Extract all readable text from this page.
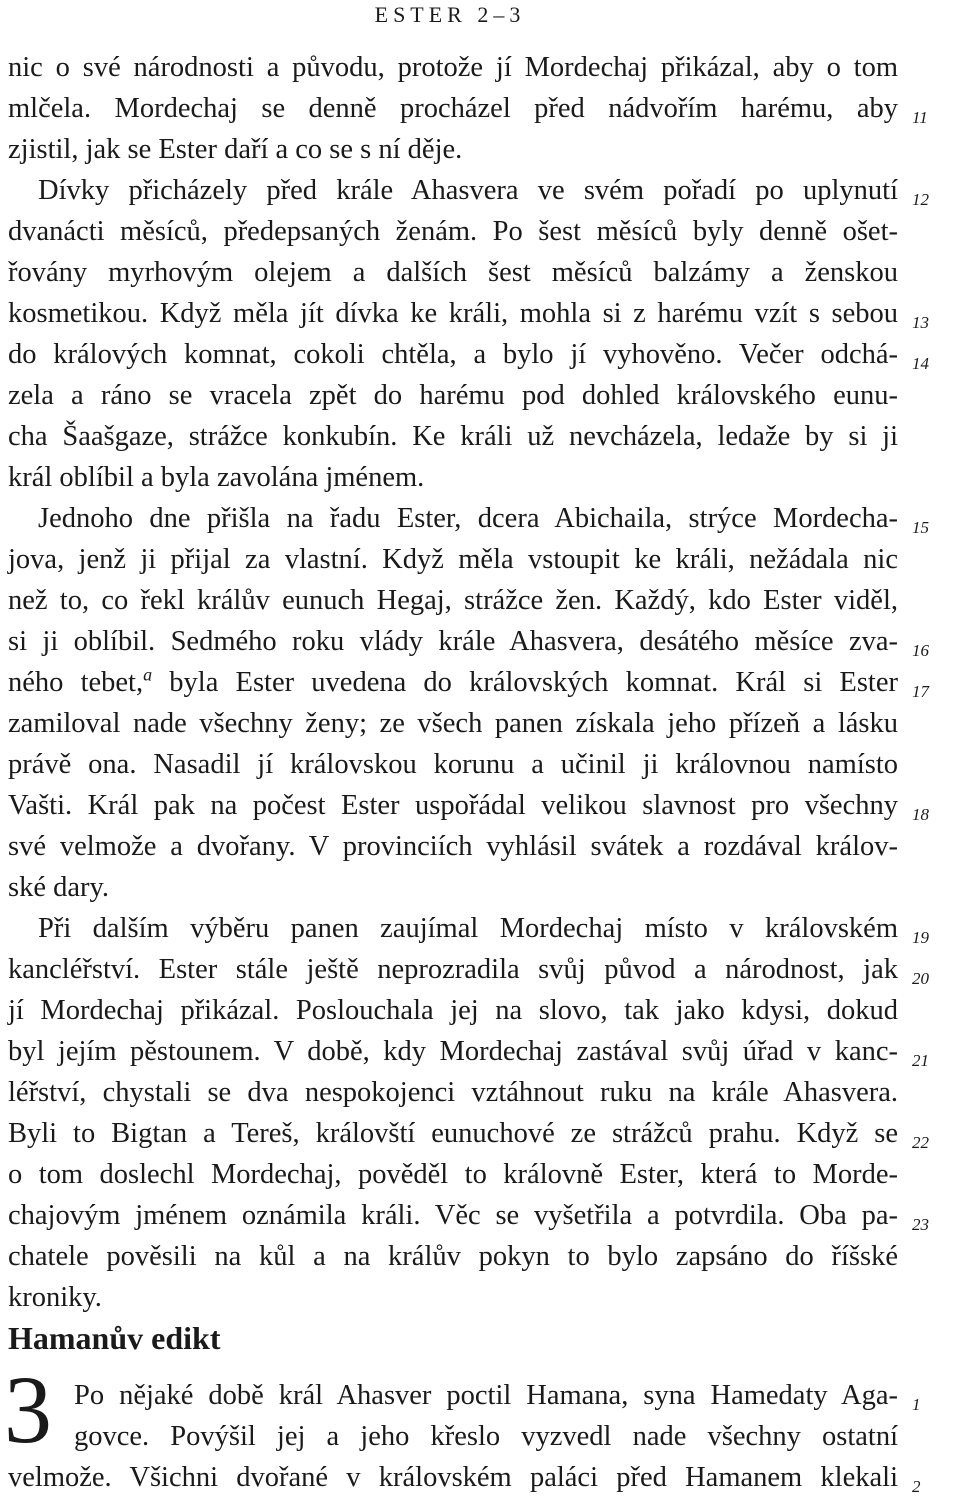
ESTER 2–3
nic o své národnosti a původu, protože jí Mordechaj přikázal, aby o tom
mlčela. Mordechaj se denně procházel před nádvořím harému, aby
zjistil, jak se Ester daří a co se s ní děje.
Dívky přicházely před krále Ahasvera ve svém pořadí po uplynutí
dvanácti měsíců, předepsaných ženám. Po šest měsíců byly denně ošet-
řovány myrhovým olejem a dalších šest měsíců balzámy a ženskou
kosmetikou. Když měla jít dívka ke králi, mohla si z harému vzít s sebou
do králových komnat, cokoli chtěla, a bylo jí vyhověno. Večer odchá-
zela a ráno se vracela zpět do harému pod dohled královského eunu-
cha Šaašgaze, strážce konkubín. Ke králi už nevcházela, ledaže by si ji
král oblíbil a byla zavolána jménem.
Jednoho dne přišla na řadu Ester, dcera Abichaila, strýce Mordecha-
jova, jenž ji přijal za vlastní. Když měla vstoupit ke králi, nežádala nic
než to, co řekl králův eunuch Hegaj, strážce žen. Každý, kdo Ester viděl,
si ji oblíbil. Sedmého roku vlády krále Ahasvera, desátého měsíce zva-
ného tebet,$^a$ byla Ester uvedena do královských komnat. Král si Ester
zamiloval nade všechny ženy; ze všech panen získala jeho přízeň a lásku
právě ona. Nasadil jí královskou korunu a učinil ji královnou namísto
Vašti. Král pak na počest Ester uspořádal velikou slavnost pro všechny
své velmože a dvořany. V provinciích vyhlásil svátek a rozdával králov-
ské dary.
Při dalším výběru panen zaujímal Mordechaj místo v královském
kancléřství. Ester stále ještě neprozradila svůj původ a národnost, jak
jí Mordechaj přikázal. Poslouchala jej na slovo, tak jako kdysi, dokud
byl jejím pěstounem. V době, kdy Mordechaj zastával svůj úřad v kanc-
léřství, chystali se dva nespokojenci vztáhnout ruku na krále Ahasvera.
Byli to Bigtan a Tereš, královští eunuchové ze strážců prahu. Když se
o tom doslechl Mordechaj, pověděl to královně Ester, která to Morde-
chajovým jménem oznámila králi. Věc se vyšetřila a potvrdila. Oba pa-
chatele pověsili na kůl a na králův pokyn to bylo zapsáno do říšské
kroniky.
11
12
13
14
15
16
17
18
19
20
21
22
23
Hamanův edikt
3 Po nějaké době král Ahasver poctil Hamana, syna Hamedaty Aga-
govce. Povýšil jej a jeho křeslo vyzvedl nade všechny ostatní
velmože. Všichni dvořané v královském paláci před Hamanem klekali
1
2
